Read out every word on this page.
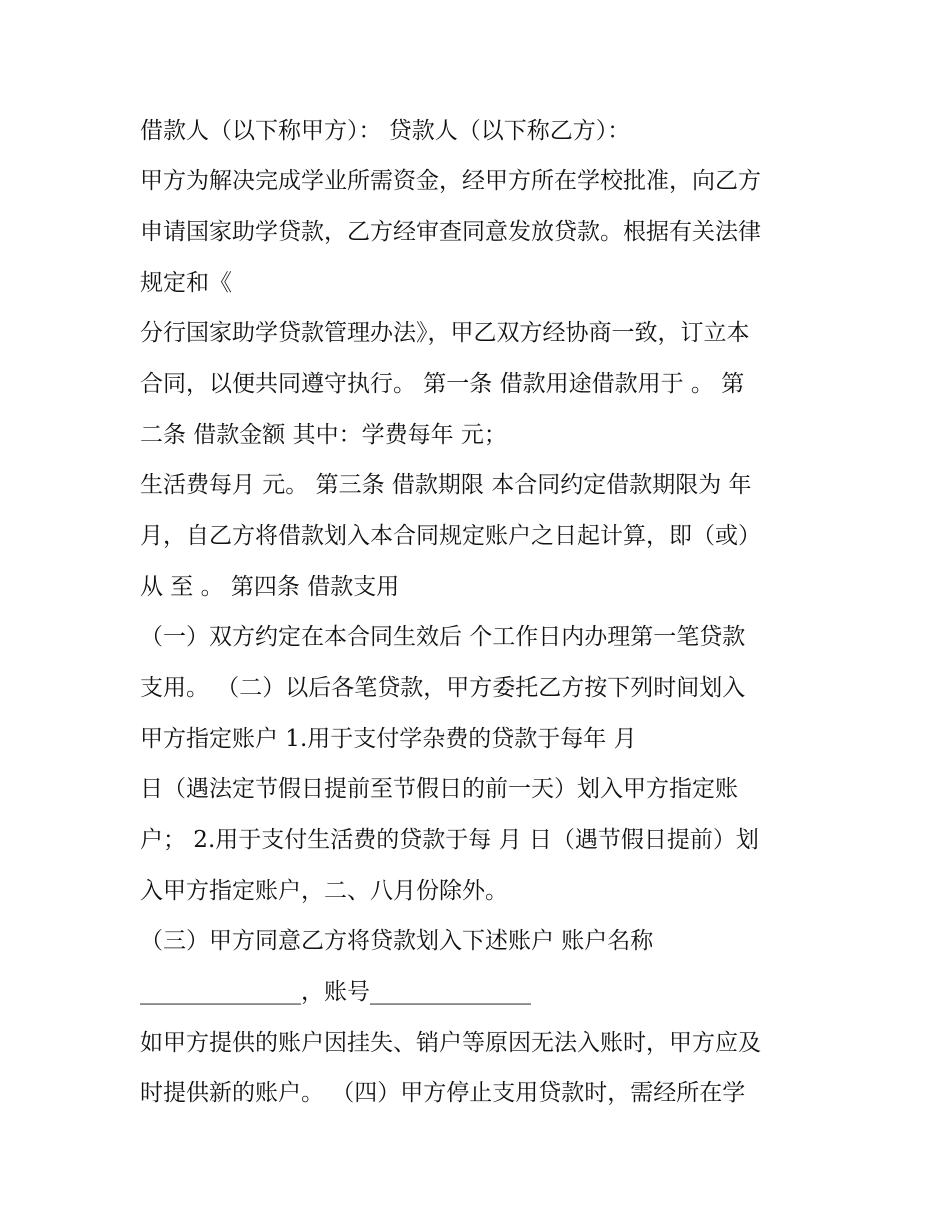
借款人（以下称甲方）： 贷款人（以下称乙方）：
甲方为解决完成学业所需资金，经甲方所在学校批准，向乙方
申请国家助学贷款，乙方经审查同意发放贷款。根据有关法律
规定和《
分行国家助学贷款管理办法》，甲乙双方经协商一致，订立本
合同，以便共同遵守执行。 第一条 借款用途借款用于 。 第
二条 借款金额 其中：学费每年 元；
生活费每月 元。 第三条 借款期限 本合同约定借款期限为 年
月，自乙方将借款划入本合同规定账户之日起计算，即（或）
从 至 。 第四条 借款支用
（一）双方约定在本合同生效后 个工作日内办理第一笔贷款
支用。 （二）以后各笔贷款，甲方委托乙方按下列时间划入
甲方指定账户 1.用于支付学杂费的贷款于每年 月
日（遇法定节假日提前至节假日的前一天）划入甲方指定账
户； 2.用于支付生活费的贷款于每 月 日（遇节假日提前）划
入甲方指定账户，二、八月份除外。
（三）甲方同意乙方将贷款划入下述账户 账户名称
______________，账号______________
如甲方提供的账户因挂失、销户等原因无法入账时，甲方应及
时提供新的账户。 （四）甲方停止支用贷款时，需经所在学
